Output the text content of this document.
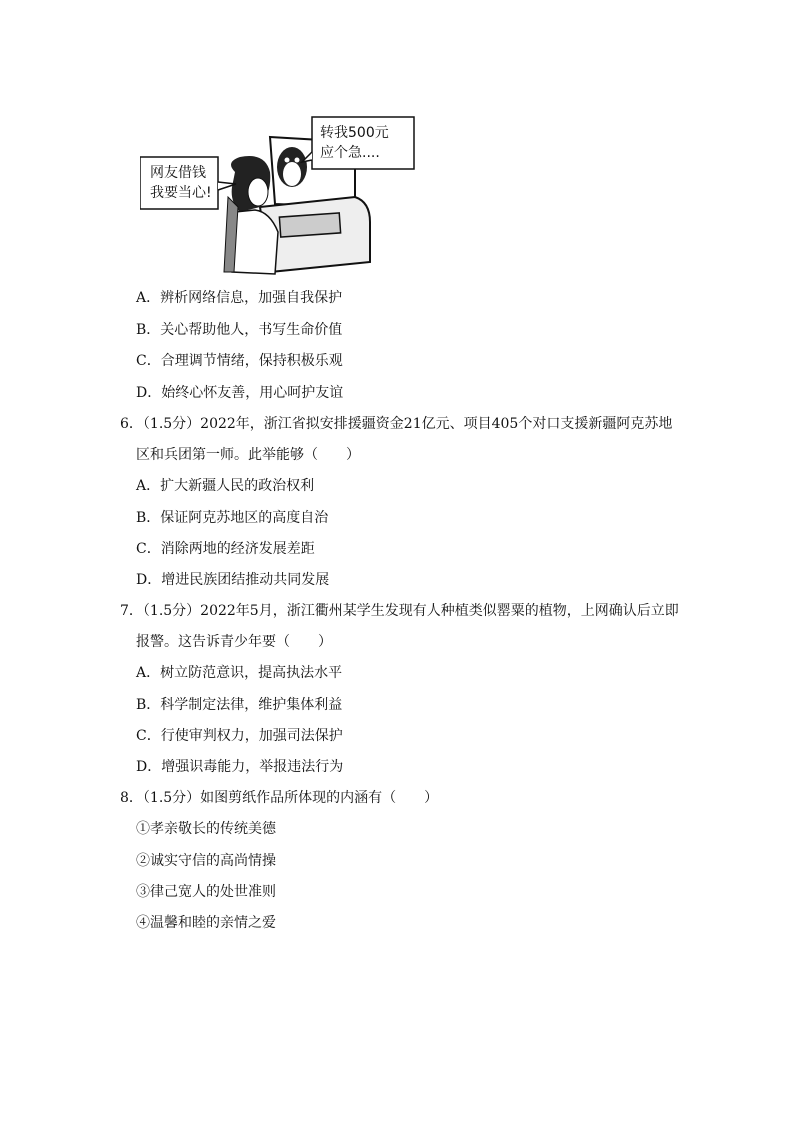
网友借钱
我要当心!
转我500元
应个急....
A．辨析网络信息，加强自我保护
B．关心帮助他人，书写生命价值
C．合理调节情绪，保持积极乐观
D．始终心怀友善，用心呵护友谊
6．（1.5分）2022年，浙江省拟安排援疆资金21亿元、项目405个对口支援新疆阿克苏地
区和兵团第一师。此举能够（　　）
A．扩大新疆人民的政治权利
B．保证阿克苏地区的高度自治
C．消除两地的经济发展差距
D．增进民族团结推动共同发展
7．（1.5分）2022年5月，浙江衢州某学生发现有人种植类似罂粟的植物，上网确认后立即
报警。这告诉青少年要（　　）
A．树立防范意识，提高执法水平
B．科学制定法律，维护集体利益
C．行使审判权力，加强司法保护
D．增强识毒能力，举报违法行为
8．（1.5分）如图剪纸作品所体现的内涵有（　　）
①孝亲敬长的传统美德
②诚实守信的高尚情操
③律己宽人的处世准则
④温馨和睦的亲情之爱
